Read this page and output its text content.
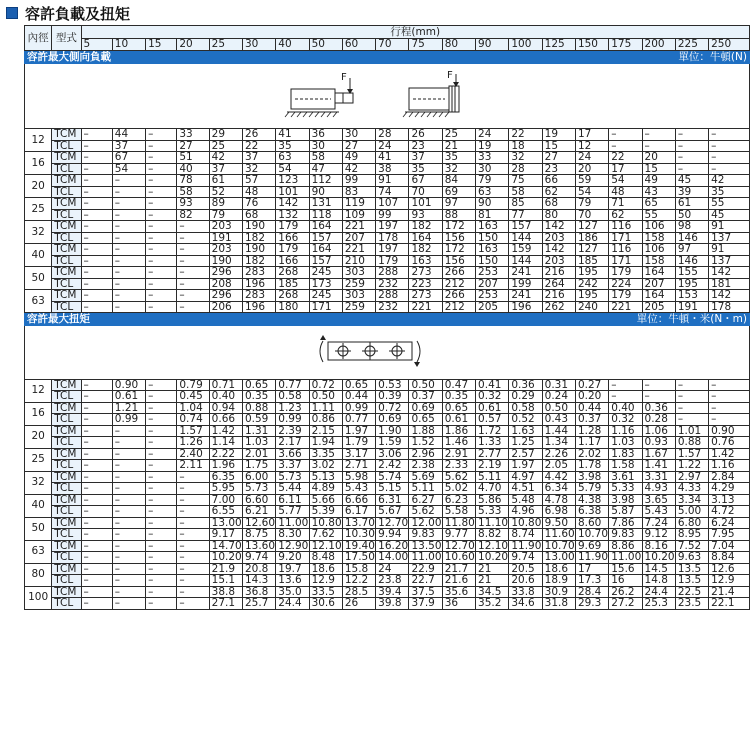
容許負載及扭矩
內徑	型式	行程(mm)																			
		5	10	15	20	25	30	40	50	60	70	75	80	90	100	125	150	175	200	225	250
容許最大側向負載 單位：牛頓(N)																					

F F																					

12	TCM	–	44	–	33	29	26	41	36	30	28	26	25	24	22	19	17	–	–	–	–
	TCL	–	37	–	27	25	22	35	30	27	24	23	21	19	18	15	12	–	–	–	–
16	TCM	–	67	–	51	42	37	63	58	49	41	37	35	33	32	27	24	22	20	–	–
	TCL	–	54	–	40	37	32	54	47	42	38	35	32	30	28	23	20	17	15	–	–
20	TCM	–	–	–	78	61	57	123	112	99	91	67	84	79	75	66	59	54	49	45	42
	TCL	–	–	–	58	52	48	101	90	83	74	70	69	63	58	62	54	48	43	39	35
25	TCM	–	–	–	93	89	76	142	131	119	107	101	97	90	85	68	79	71	65	61	55
	TCL	–	–	–	82	79	68	132	118	109	99	93	88	81	77	80	70	62	55	50	45
32	TCM	–	–	–	–	203	190	179	164	221	197	182	172	163	157	142	127	116	106	98	91
	TCL	–	–	–	–	191	182	166	157	207	178	164	156	150	144	203	186	171	158	146	137
40	TCM	–	–	–	–	203	190	179	164	221	197	182	172	163	159	142	127	116	106	97	91
	TCL	–	–	–	–	190	182	166	157	210	179	163	156	150	144	203	185	171	158	146	137
50	TCM	–	–	–	–	296	283	268	245	303	288	273	266	253	241	216	195	179	164	155	142
	TCL	–	–	–	–	208	196	185	173	259	232	223	212	207	199	264	242	224	207	195	181
63	TCM	–	–	–	–	296	283	268	245	303	288	273	266	253	241	216	195	179	164	153	142
	TCL	–	–	–	–	206	196	180	171	259	232	221	212	205	196	262	240	221	205	191	178
容許最大扭矩 單位：牛頓・米(N・m)																					

12	TCM	–	0.90	–	0.79	0.71	0.65	0.77	0.72	0.65	0.53	0.50	0.47	0.41	0.36	0.31	0.27	–	–	–	–
	TCL	–	0.61	–	0.45	0.40	0.35	0.58	0.50	0.44	0.39	0.37	0.35	0.32	0.29	0.24	0.20	–	–	–	–
16	TCM	–	1.21	–	1.04	0.94	0.88	1.23	1.11	0.99	0.72	0.69	0.65	0.61	0.58	0.50	0.44	0.40	0.36	–	–
	TCL	–	0.99	–	0.74	0.66	0.59	0.99	0.86	0.77	0.69	0.65	0.61	0.57	0.52	0.43	0.37	0.32	0.28	–	–
20	TCM	–	–	–	1.57	1.42	1.31	2.39	2.15	1.97	1.90	1.88	1.86	1.72	1.63	1.44	1.28	1.16	1.06	1.01	0.90
	TCL	–	–	–	1.26	1.14	1.03	2.17	1.94	1.79	1.59	1.52	1.46	1.33	1.25	1.34	1.17	1.03	0.93	0.88	0.76
25	TCM	–	–	–	2.40	2.22	2.01	3.66	3.35	3.17	3.06	2.96	2.91	2.77	2.57	2.26	2.02	1.83	1.67	1.57	1.42
	TCL	–	–	–	2.11	1.96	1.75	3.37	3.02	2.71	2.42	2.38	2.33	2.19	1.97	2.05	1.78	1.58	1.41	1.22	1.16
32	TCM	–	–	–	–	6.35	6.00	5.73	5.13	5.98	5.74	5.69	5.62	5.11	4.97	4.42	3.98	3.61	3.31	2.97	2.84
	TCL	–	–	–	–	5.95	5.73	5.44	4.89	5.43	5.15	5.11	5.02	4.70	4.51	6.34	5.79	5.33	4.93	4.33	4.29
40	TCM	–	–	–	–	7.00	6.60	6.11	5.66	6.66	6.31	6.27	6.23	5.86	5.48	4.78	4.38	3.98	3.65	3.34	3.13
	TCL	–	–	–	–	6.55	6.21	5.77	5.39	6.17	5.67	5.62	5.58	5.33	4.96	6.98	6.38	5.87	5.43	5.00	4.72
50	TCM	–	–	–	–	13.00	12.60	11.00	10.80	13.70	12.70	12.00	11.80	11.10	10.80	9.50	8.60	7.86	7.24	6.80	6.24
	TCL	–	–	–	–	9.17	8.75	8.30	7.62	10.30	9.94	9.83	9.77	8.82	8.74	11.60	10.70	9.83	9.12	8.95	7.95
63	TCM	–	–	–	–	14.70	13.60	12.90	12.10	19.40	16.20	13.50	12.70	12.10	11.90	10.70	9.69	8.86	8.16	7.52	7.04
	TCL	–	–	–	–	10.20	9.74	9.20	8.48	17.50	14.00	11.00	10.60	10.20	9.74	13.00	11.90	11.00	10.20	9.63	8.84
80	TCM	–	–	–	–	21.9	20.8	19.7	18.6	15.8	24	22.9	21.7	21	20.5	18.6	17	15.6	14.5	13.5	12.6
	TCL	–	–	–	–	15.1	14.3	13.6	12.9	12.2	23.8	22.7	21.6	21	20.6	18.9	17.3	16	14.8	13.5	12.9
100	TCM	–	–	–	–	38.8	36.8	35.0	33.5	28.5	39.4	37.5	35.6	34.5	33.8	30.9	28.4	26.2	24.4	22.5	21.4
	TCL	–	–	–	–	27.1	25.7	24.4	30.6	26	39.8	37.9	36	35.2	34.6	31.8	29.3	27.2	25.3	23.5	22.1
